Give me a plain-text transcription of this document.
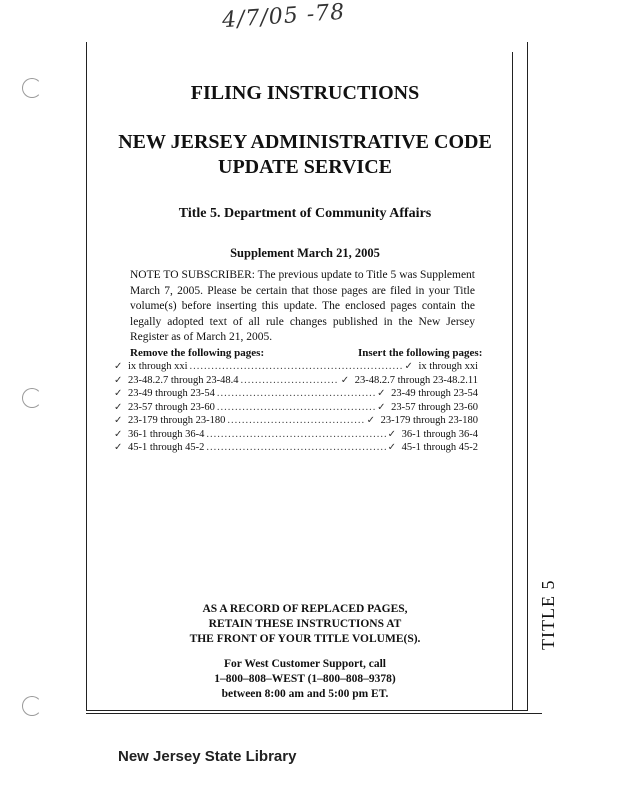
4/7/05 -78
TITLE 5
FILING INSTRUCTIONS
NEW JERSEY ADMINISTRATIVE CODE
UPDATE SERVICE
Title 5. Department of Community Affairs
Supplement March 21, 2005
NOTE TO SUBSCRIBER: The previous update to Title 5 was Supplement March 7, 2005. Please be certain that those pages are filed in your Title volume(s) before inserting this update. The enclosed pages contain the legally adopted text of all rule changes published in the New Jersey Register as of March 21, 2005.
Remove the following pages:	Insert the following pages:
✓ ix through xxi .....	✓ ix through xxi
✓ 23-48.2.7 through 23-48.4 .....	✓ 23-48.2.7 through 23-48.2.11
✓ 23-49 through 23-54 .....	✓ 23-49 through 23-54
✓ 23-57 through 23-60 .....	✓ 23-57 through 23-60
✓ 23-179 through 23-180 .....	✓ 23-179 through 23-180
✓ 36-1 through 36-4 .....	✓ 36-1 through 36-4
✓ 45-1 through 45-2 .....	✓ 45-1 through 45-2
AS A RECORD OF REPLACED PAGES,
RETAIN THESE INSTRUCTIONS AT
THE FRONT OF YOUR TITLE VOLUME(S).
For West Customer Support, call
1–800–808–WEST (1–800–808–9378)
between 8:00 am and 5:00 pm ET.
New Jersey State Library
